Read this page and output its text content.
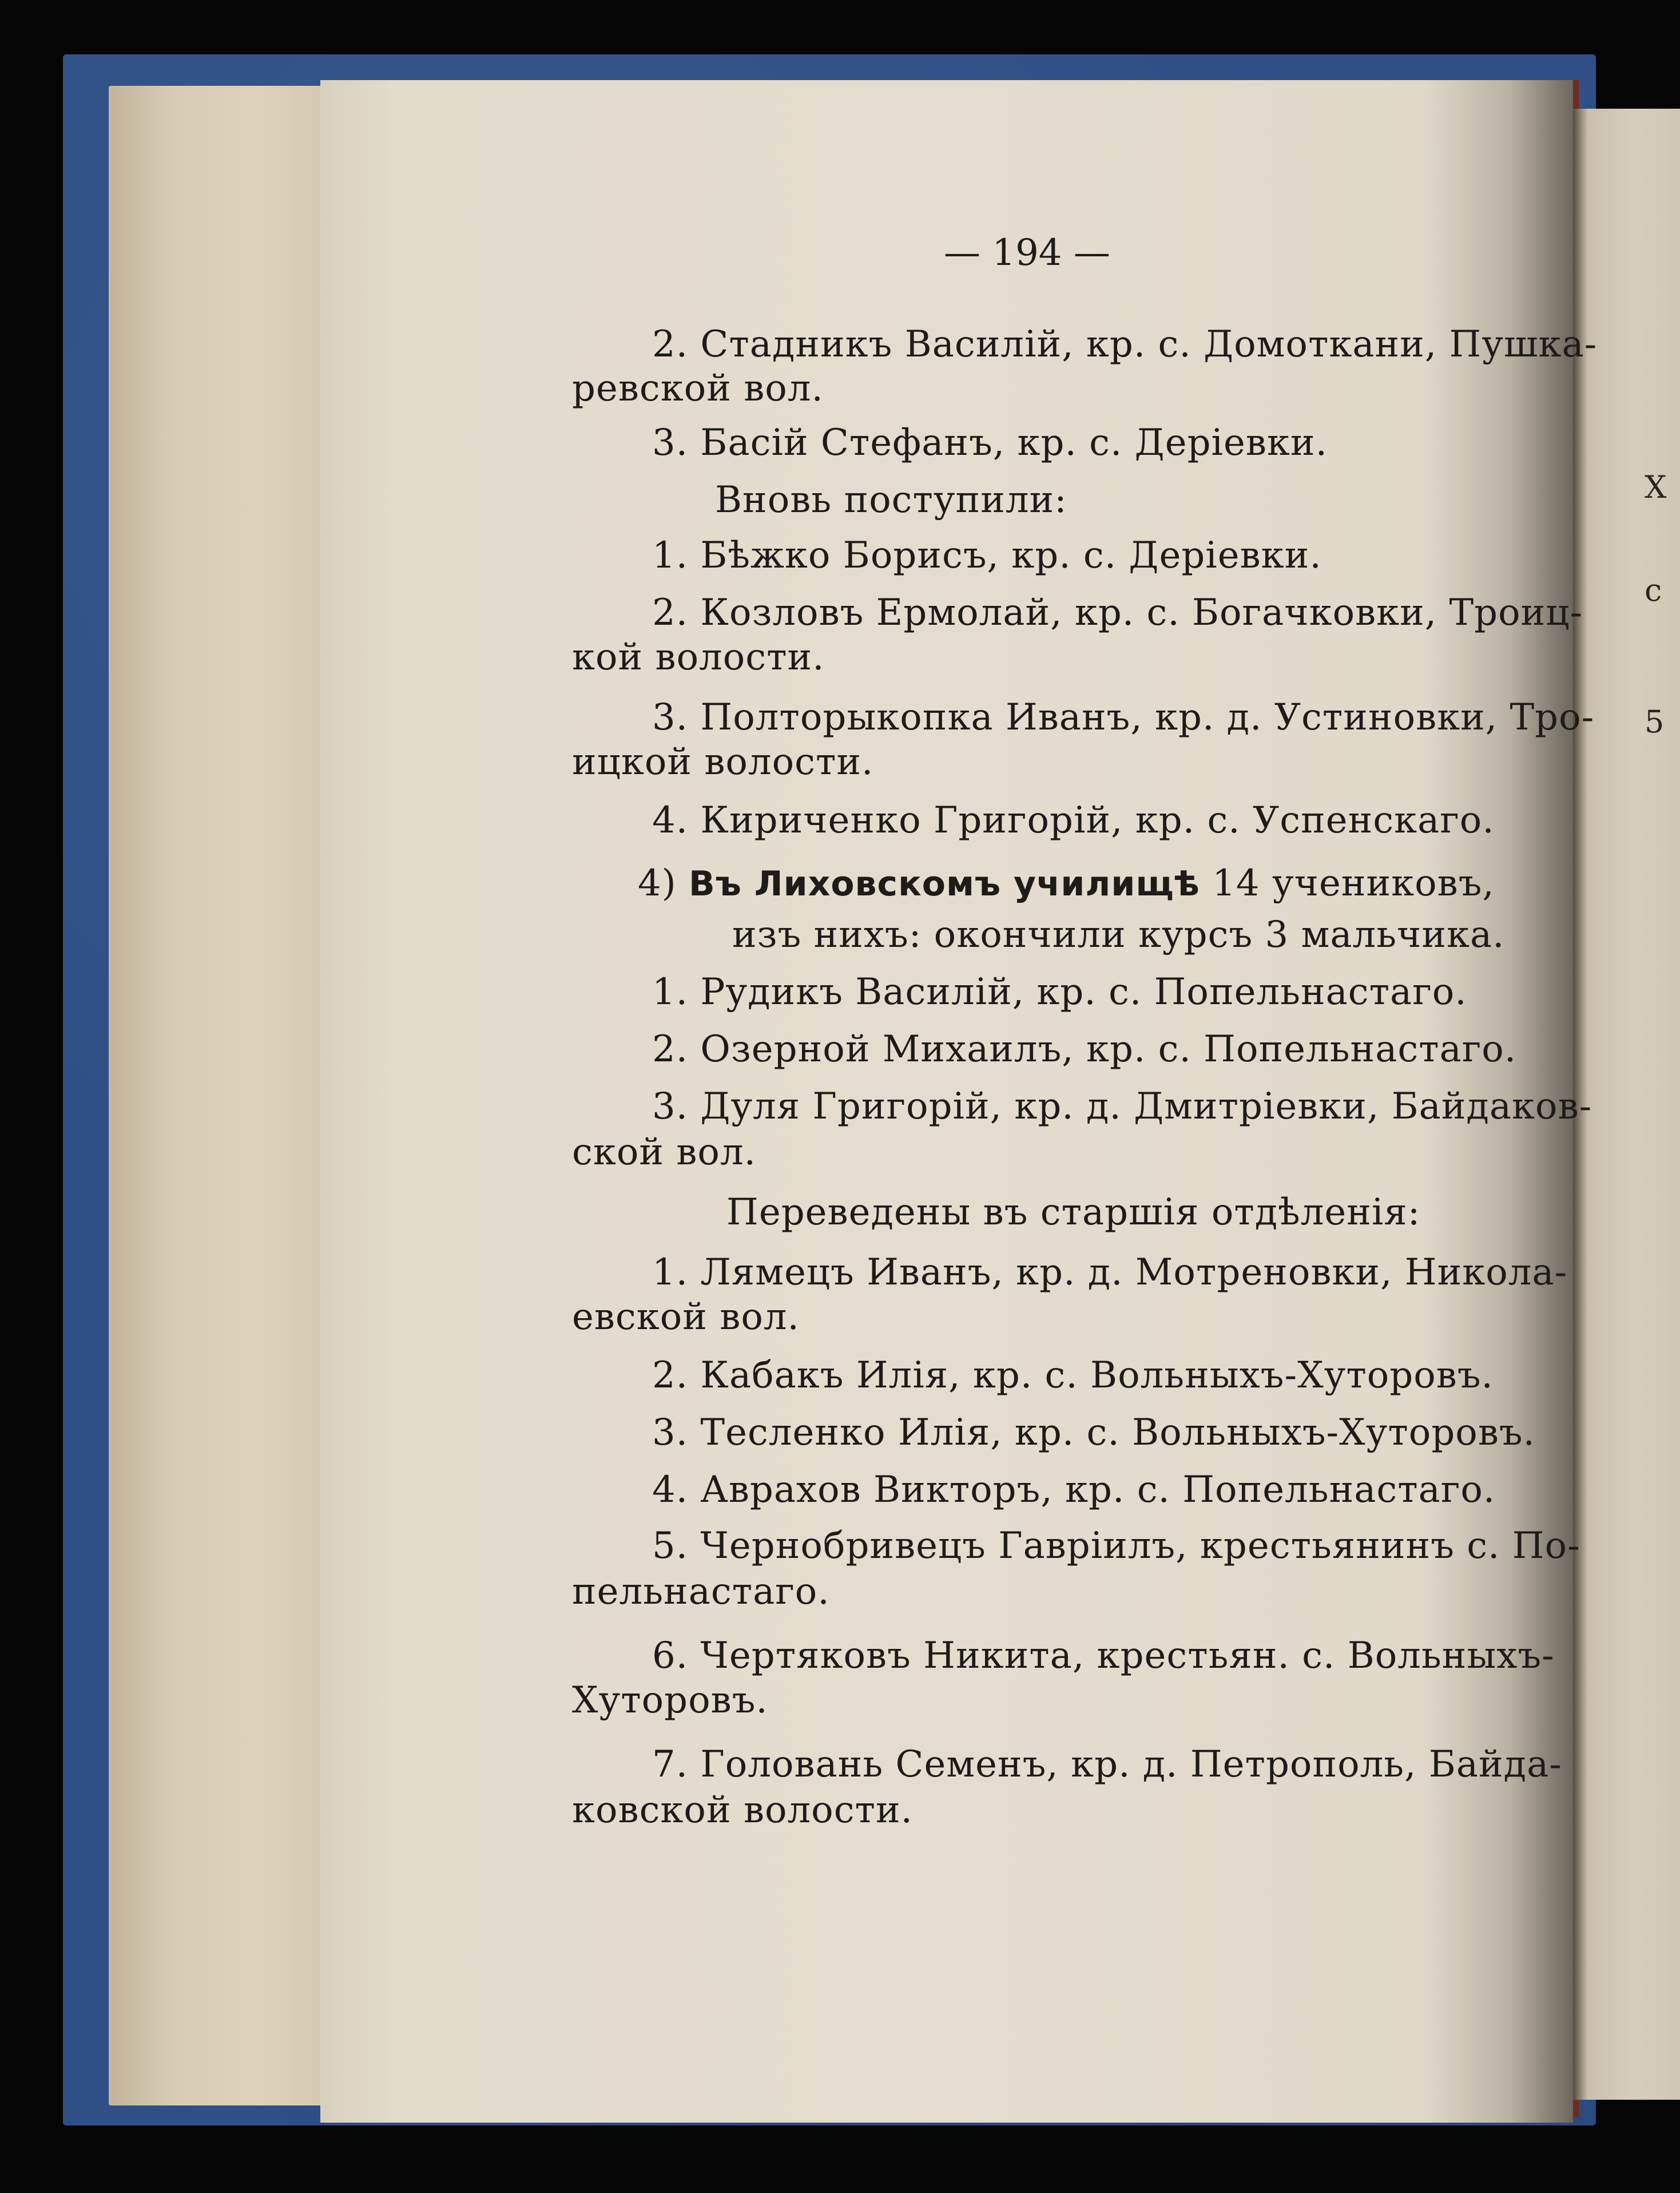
Х
с
5
— 194 —
2. Стадникъ Василій, кр. с. Домоткани, Пушка-
ревской вол.
3. Басій Стефанъ, кр. с. Деріевки.
Вновь поступили:
1. Бѣжко Борисъ, кр. с. Деріевки.
2. Козловъ Ермолай, кр. с. Богачковки, Троиц-
кой волости.
3. Полторыкопка Иванъ, кр. д. Устиновки, Тро-
ицкой волости.
4. Кириченко Григорій, кр. с. Успенскаго.
4) Въ Лиховскомъ училищѣ 14 учениковъ,
изъ нихъ: окончили курсъ 3 мальчика.
1. Рудикъ Василій, кр. с. Попельнастаго.
2. Озерной Михаилъ, кр. с. Попельнастаго.
3. Дуля Григорій, кр. д. Дмитріевки, Байдаков-
ской вол.
Переведены въ старшія отдѣленія:
1. Лямецъ Иванъ, кр. д. Мотреновки, Никола-
евской вол.
2. Кабакъ Илія, кр. с. Вольныхъ-Хуторовъ.
3. Тесленко Илія, кр. с. Вольныхъ-Хуторовъ.
4. Аврахов Викторъ, кр. с. Попельнастаго.
5. Чернобривецъ Гавріилъ, крестьянинъ с. По-
пельнастаго.
6. Чертяковъ Никита, крестьян. с. Вольныхъ-
Хуторовъ.
7. Головань Семенъ, кр. д. Петрополь, Байда-
ковской волости.
